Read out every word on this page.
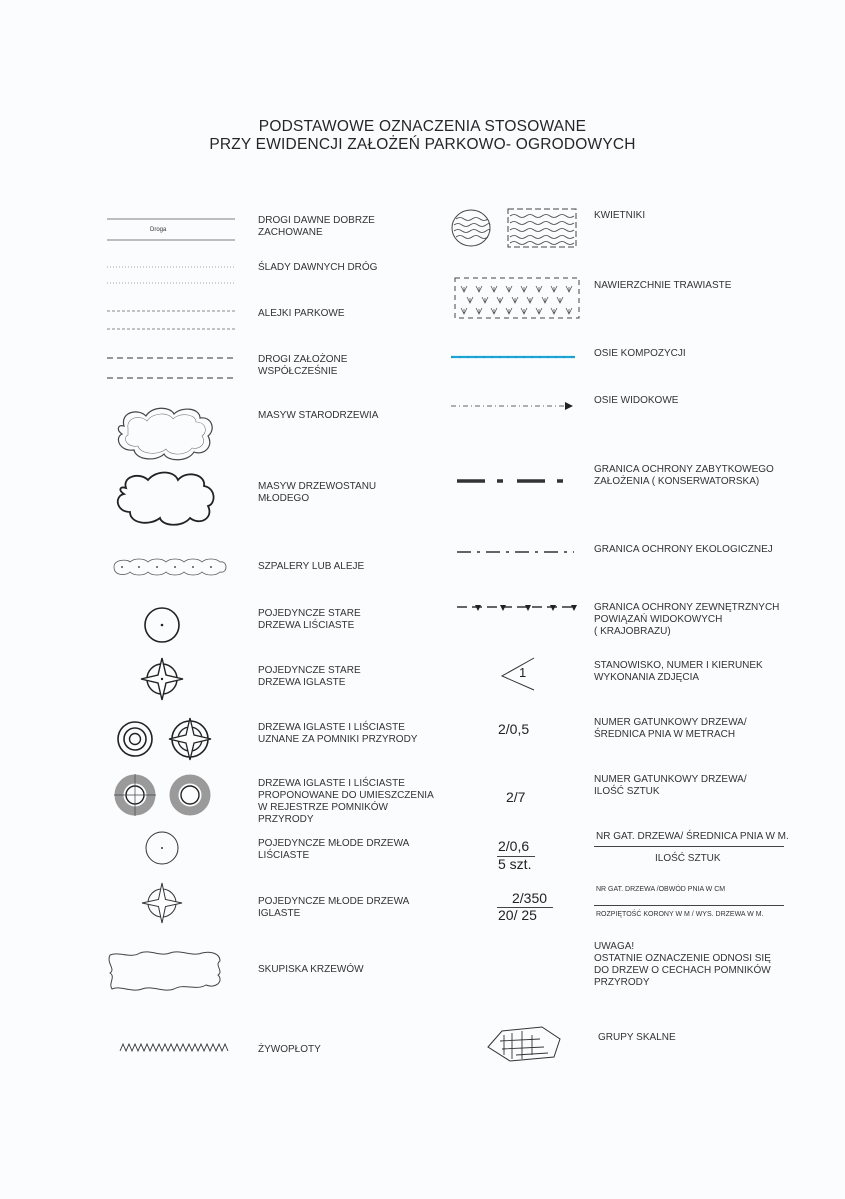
PODSTAWOWE OZNACZENIA STOSOWANE
PRZY EWIDENCJI ZAŁOŻEŃ PARKOWO- OGRODOWYCH
Droga
DROGI DAWNE DOBRZE
ZACHOWANE
ŚLADY DAWNYCH DRÓG
ALEJKI PARKOWE
DROGI ZAŁOŻONE
WSPÓŁCZEŚNIE
MASYW STARODRZEWIA
MASYW DRZEWOSTANU
MŁODEGO
SZPALERY LUB ALEJE
POJEDYNCZE STARE
DRZEWA LIŚCIASTE
POJEDYNCZE STARE
DRZEWA IGLASTE
DRZEWA IGLASTE I LIŚCIASTE
UZNANE ZA POMNIKI PRZYRODY
DRZEWA IGLASTE I LIŚCIASTE
PROPONOWANE DO UMIESZCZENIA
W REJESTRZE POMNIKÓW
PRZYRODY
POJEDYNCZE MŁODE DRZEWA
LIŚCIASTE
POJEDYNCZE MŁODE DRZEWA
IGLASTE
SKUPISKA KRZEWÓW
ŻYWOPŁOTY
1
2/0,5
2/7
2/0,6
5 szt.
2/350
20/ 25
KWIETNIKI
NAWIERZCHNIE TRAWIASTE
OSIE KOMPOZYCJI
OSIE WIDOKOWE
GRANICA OCHRONY ZABYTKOWEGO
ZAŁOŻENIA ( KONSERWATORSKA)
GRANICA OCHRONY EKOLOGICZNEJ
GRANICA OCHRONY ZEWNĘTRZNYCH
POWIĄZAŃ WIDOKOWYCH
( KRAJOBRAZU)
STANOWISKO, NUMER I KIERUNEK
WYKONANIA ZDJĘCIA
NUMER GATUNKOWY DRZEWA/
ŚREDNICA PNIA W METRACH
NUMER GATUNKOWY DRZEWA/
ILOŚĆ SZTUK
NR GAT. DRZEWA/ ŚREDNICA PNIA W M.
ILOŚĆ SZTUK
NR GAT. DRZEWA /OBWÓD PNIA W CM
ROZPIĘTOŚĆ KORONY W M / WYS. DRZEWA W M.
UWAGA!
OSTATNIE OZNACZENIE ODNOSI SIĘ
DO DRZEW O CECHACH POMNIKÓW
PRZYRODY
GRUPY SKALNE
